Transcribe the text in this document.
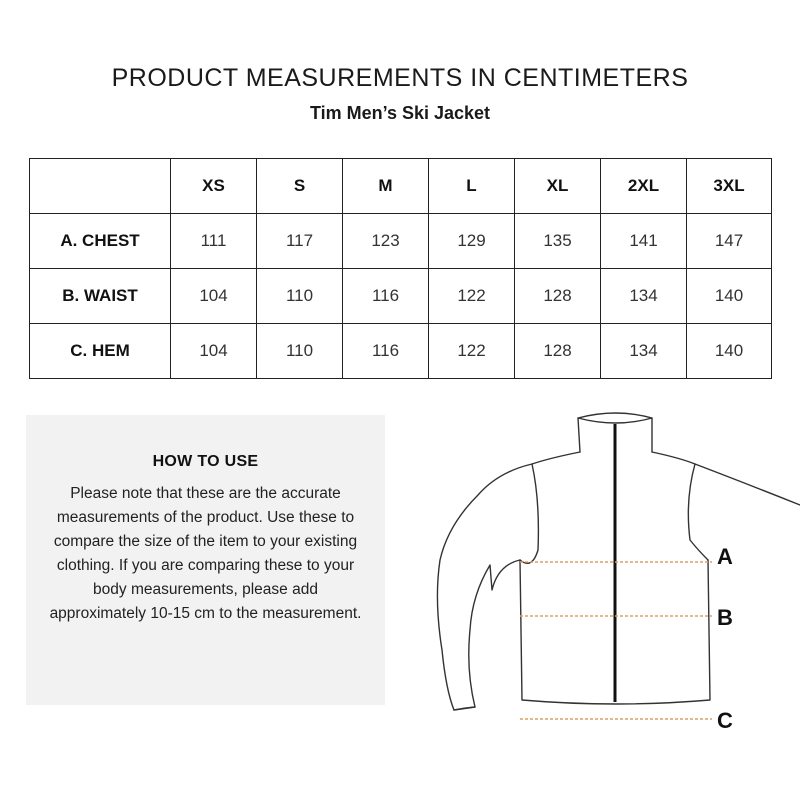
PRODUCT MEASUREMENTS IN CENTIMETERS
Tim Men’s Ski Jacket
	XS	S	M	L	XL	2XL	3XL
A. CHEST	111	117	123	129	135	141	147
B. WAIST	104	110	116	122	128	134	140
C. HEM	104	110	116	122	128	134	140
HOW TO USE
Please note that these are the accurate measurements of the product. Use these to compare the size of the item to your existing clothing. If you are comparing these to your body measurements, please add approximately 10-15 cm to the measurement.
A
B
C
